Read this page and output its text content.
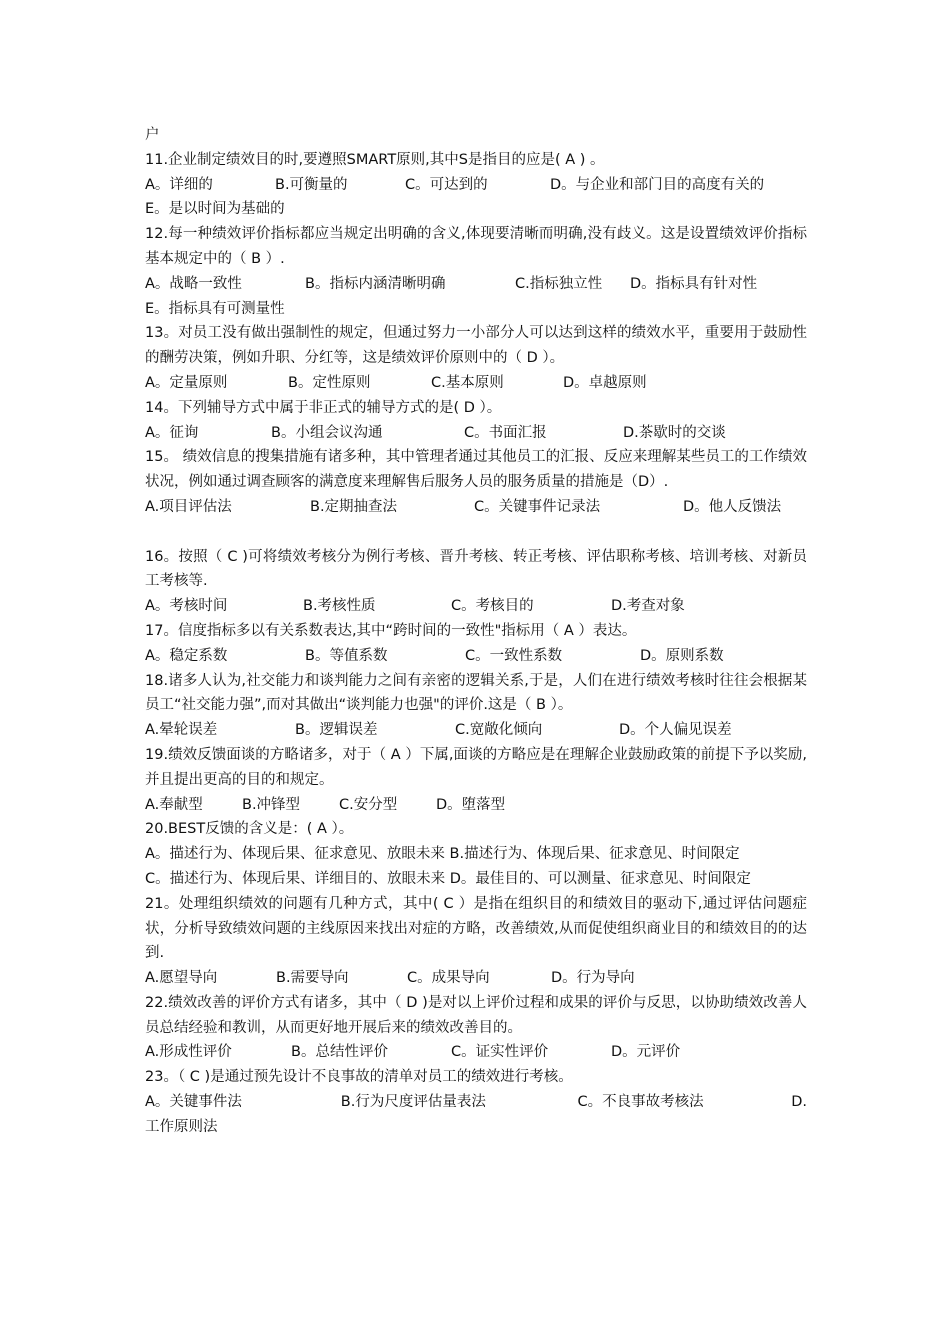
户
11.企业制定绩效目的时,要遵照SMART原则,其中S是指目的应是( A ) 。
A。详细的	B.可衡量的	C。可达到的	D。与企业和部门目的高度有关的
E。是以时间为基础的
12.每一种绩效评价指标都应当规定出明确的含义,体现要清晰而明确,没有歧义。这是设置绩效评价指标基本规定中的（ B ）.
A。战略一致性	B。指标内涵清晰明确	C.指标独立性	D。指标具有针对性
E。指标具有可测量性
13。对员工没有做出强制性的规定，但通过努力一小部分人可以达到这样的绩效水平，重要用于鼓励性的酬劳决策，例如升职、分红等，这是绩效评价原则中的（ D ）。
A。定量原则	B。定性原则	C.基本原则	D。卓越原则
14。下列辅导方式中属于非正式的辅导方式的是( D ）。
A。征询	B。小组会议沟通	C。书面汇报	D.茶歇时的交谈
15。 绩效信息的搜集措施有诸多种，其中管理者通过其他员工的汇报、反应来理解某些员工的工作绩效状况，例如通过调查顾客的满意度来理解售后服务人员的服务质量的措施是（D）.
A.项目评估法	B.定期抽查法	C。关键事件记录法	D。他人反馈法
16。按照（ C )可将绩效考核分为例行考核、晋升考核、转正考核、评估职称考核、培训考核、对新员工考核等.
A。考核时间	B.考核性质	C。考核目的	D.考查对象
17。信度指标多以有关系数表达,其中“跨时间的一致性"指标用（ A ）表达。
A。稳定系数	B。等值系数	C。一致性系数	D。原则系数
18.诸多人认为,社交能力和谈判能力之间有亲密的逻辑关系,于是，人们在进行绩效考核时往往会根据某员工“社交能力强”,而对其做出“谈判能力也强"的评价.这是（ B ）。
A.晕轮误差	B。逻辑误差	C.宽敞化倾向	D。个人偏见误差
19.绩效反馈面谈的方略诸多，对于（ A ）下属,面谈的方略应是在理解企业鼓励政策的前提下予以奖励,并且提出更高的目的和规定。
A.奉献型	B.冲锋型	C.安分型	D。堕落型
20.BEST反馈的含义是：( A ）。
A。描述行为、体现后果、征求意见、放眼未来 B.描述行为、体现后果、征求意见、时间限定
C。描述行为、体现后果、详细目的、放眼未来 D。最佳目的、可以测量、征求意见、时间限定
21。处理组织绩效的问题有几种方式，其中( C ）是指在组织目的和绩效目的驱动下,通过评估问题症状，分析导致绩效问题的主线原因来找出对症的方略，改善绩效,从而促使组织商业目的和绩效目的的达到.
A.愿望导向	B.需要导向	C。成果导向	D。行为导向
22.绩效改善的评价方式有诸多，其中（ D )是对以上评价过程和成果的评价与反思，以协助绩效改善人员总结经验和教训，从而更好地开展后来的绩效改善目的。
A.形成性评价	B。总结性评价	C。证实性评价	D。元评价
23。（ C )是通过预先设计不良事故的清单对员工的绩效进行考核。
A。关键事件法	B.行为尺度评估量表法	C。不良事故考核法	D.
工作原则法
